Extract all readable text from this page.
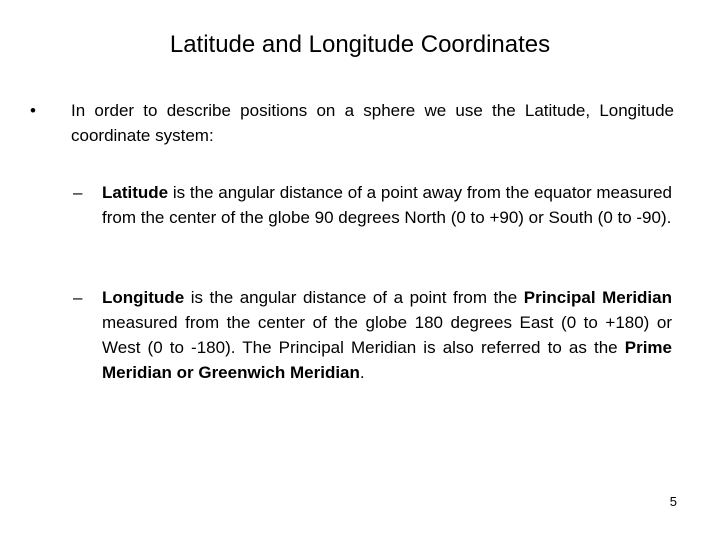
Latitude and Longitude Coordinates
•	In order to describe positions on a sphere we use the Latitude, Longitude coordinate system:
–	Latitude is the angular distance of a point away from the equator measured from the center of the globe 90 degrees North (0 to +90) or South (0 to -90).
–	Longitude is the angular distance of a point from the Principal Meridian measured from the center of the globe 180 degrees East (0 to +180) or West (0 to -180). The Principal Meridian is also referred to as the Prime Meridian or Greenwich Meridian.
5
